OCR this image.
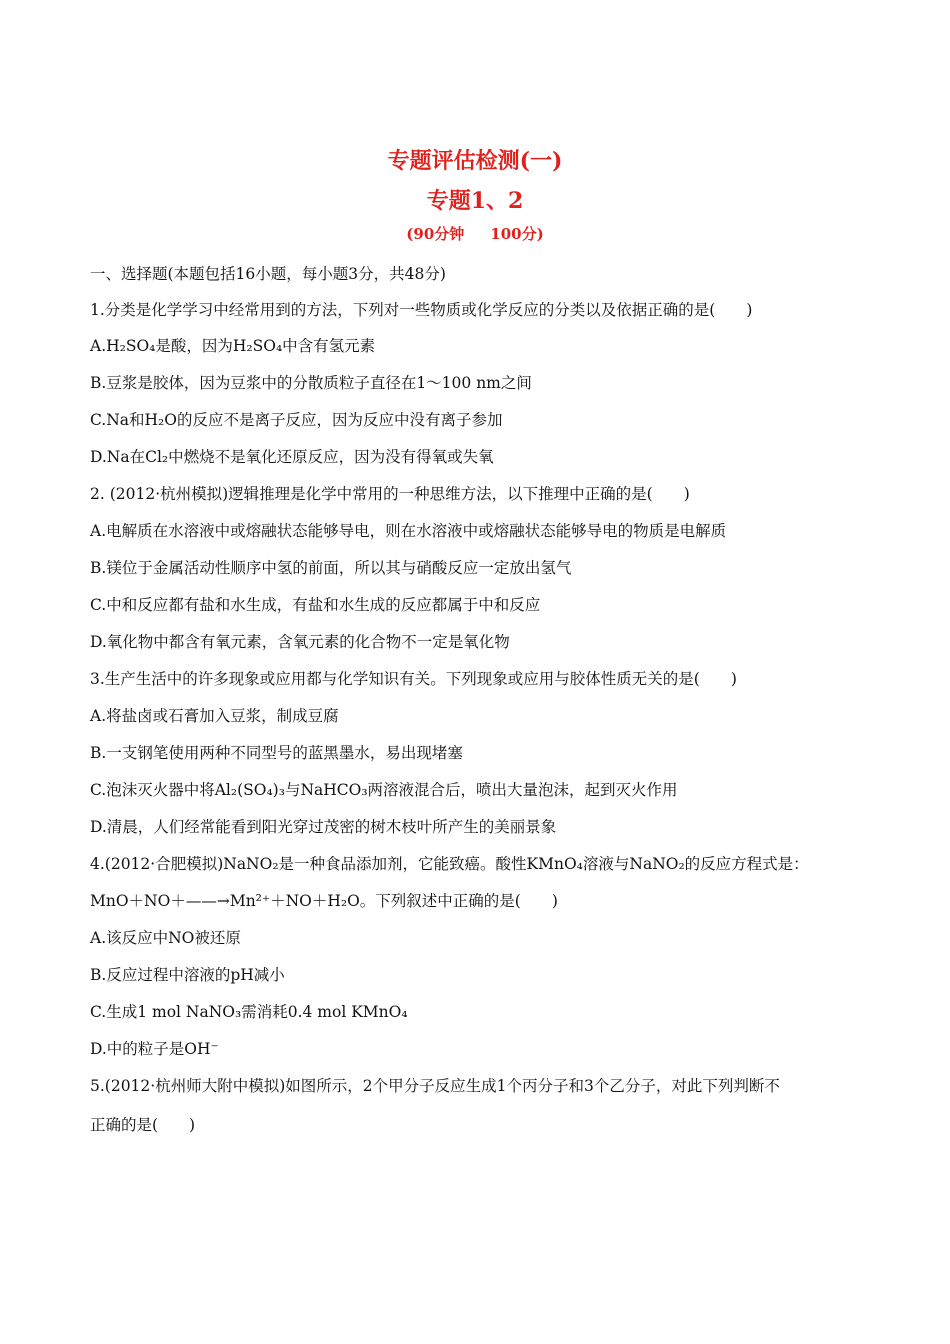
专题评估检测(一)
专题1、2
(90分钟 100分)
一、选择题(本题包括16小题，每小题3分，共48分)
1.分类是化学学习中经常用到的方法，下列对一些物质或化学反应的分类以及依据正确的是(　　)
A.H₂SO₄是酸，因为H₂SO₄中含有氢元素
B.豆浆是胶体，因为豆浆中的分散质粒子直径在1～100 nm之间
C.Na和H₂O的反应不是离子反应，因为反应中没有离子参加
D.Na在Cl₂中燃烧不是氧化还原反应，因为没有得氧或失氧
2. (2012·杭州模拟)逻辑推理是化学中常用的一种思维方法，以下推理中正确的是(　　)
A.电解质在水溶液中或熔融状态能够导电，则在水溶液中或熔融状态能够导电的物质是电解质
B.镁位于金属活动性顺序中氢的前面，所以其与硝酸反应一定放出氢气
C.中和反应都有盐和水生成，有盐和水生成的反应都属于中和反应
D.氧化物中都含有氧元素，含氧元素的化合物不一定是氧化物
3.生产生活中的许多现象或应用都与化学知识有关。下列现象或应用与胶体性质无关的是(　　)
A.将盐卤或石膏加入豆浆，制成豆腐
B.一支钢笔使用两种不同型号的蓝黑墨水，易出现堵塞
C.泡沫灭火器中将Al₂(SO₄)₃与NaHCO₃两溶液混合后，喷出大量泡沫，起到灭火作用
D.清晨，人们经常能看到阳光穿过茂密的树木枝叶所产生的美丽景象
4.(2012·合肥模拟)NaNO₂是一种食品添加剂，它能致癌。酸性KMnO₄溶液与NaNO₂的反应方程式是：
MnO＋NO＋——→Mn²⁺＋NO＋H₂O。下列叙述中正确的是(　　)
A.该反应中NO被还原
B.反应过程中溶液的pH减小
C.生成1 mol NaNO₃需消耗0.4 mol KMnO₄
D.中的粒子是OH⁻
5.(2012·杭州师大附中模拟)如图所示，2个甲分子反应生成1个丙分子和3个乙分子，对此下列判断不
正确的是(　　)
